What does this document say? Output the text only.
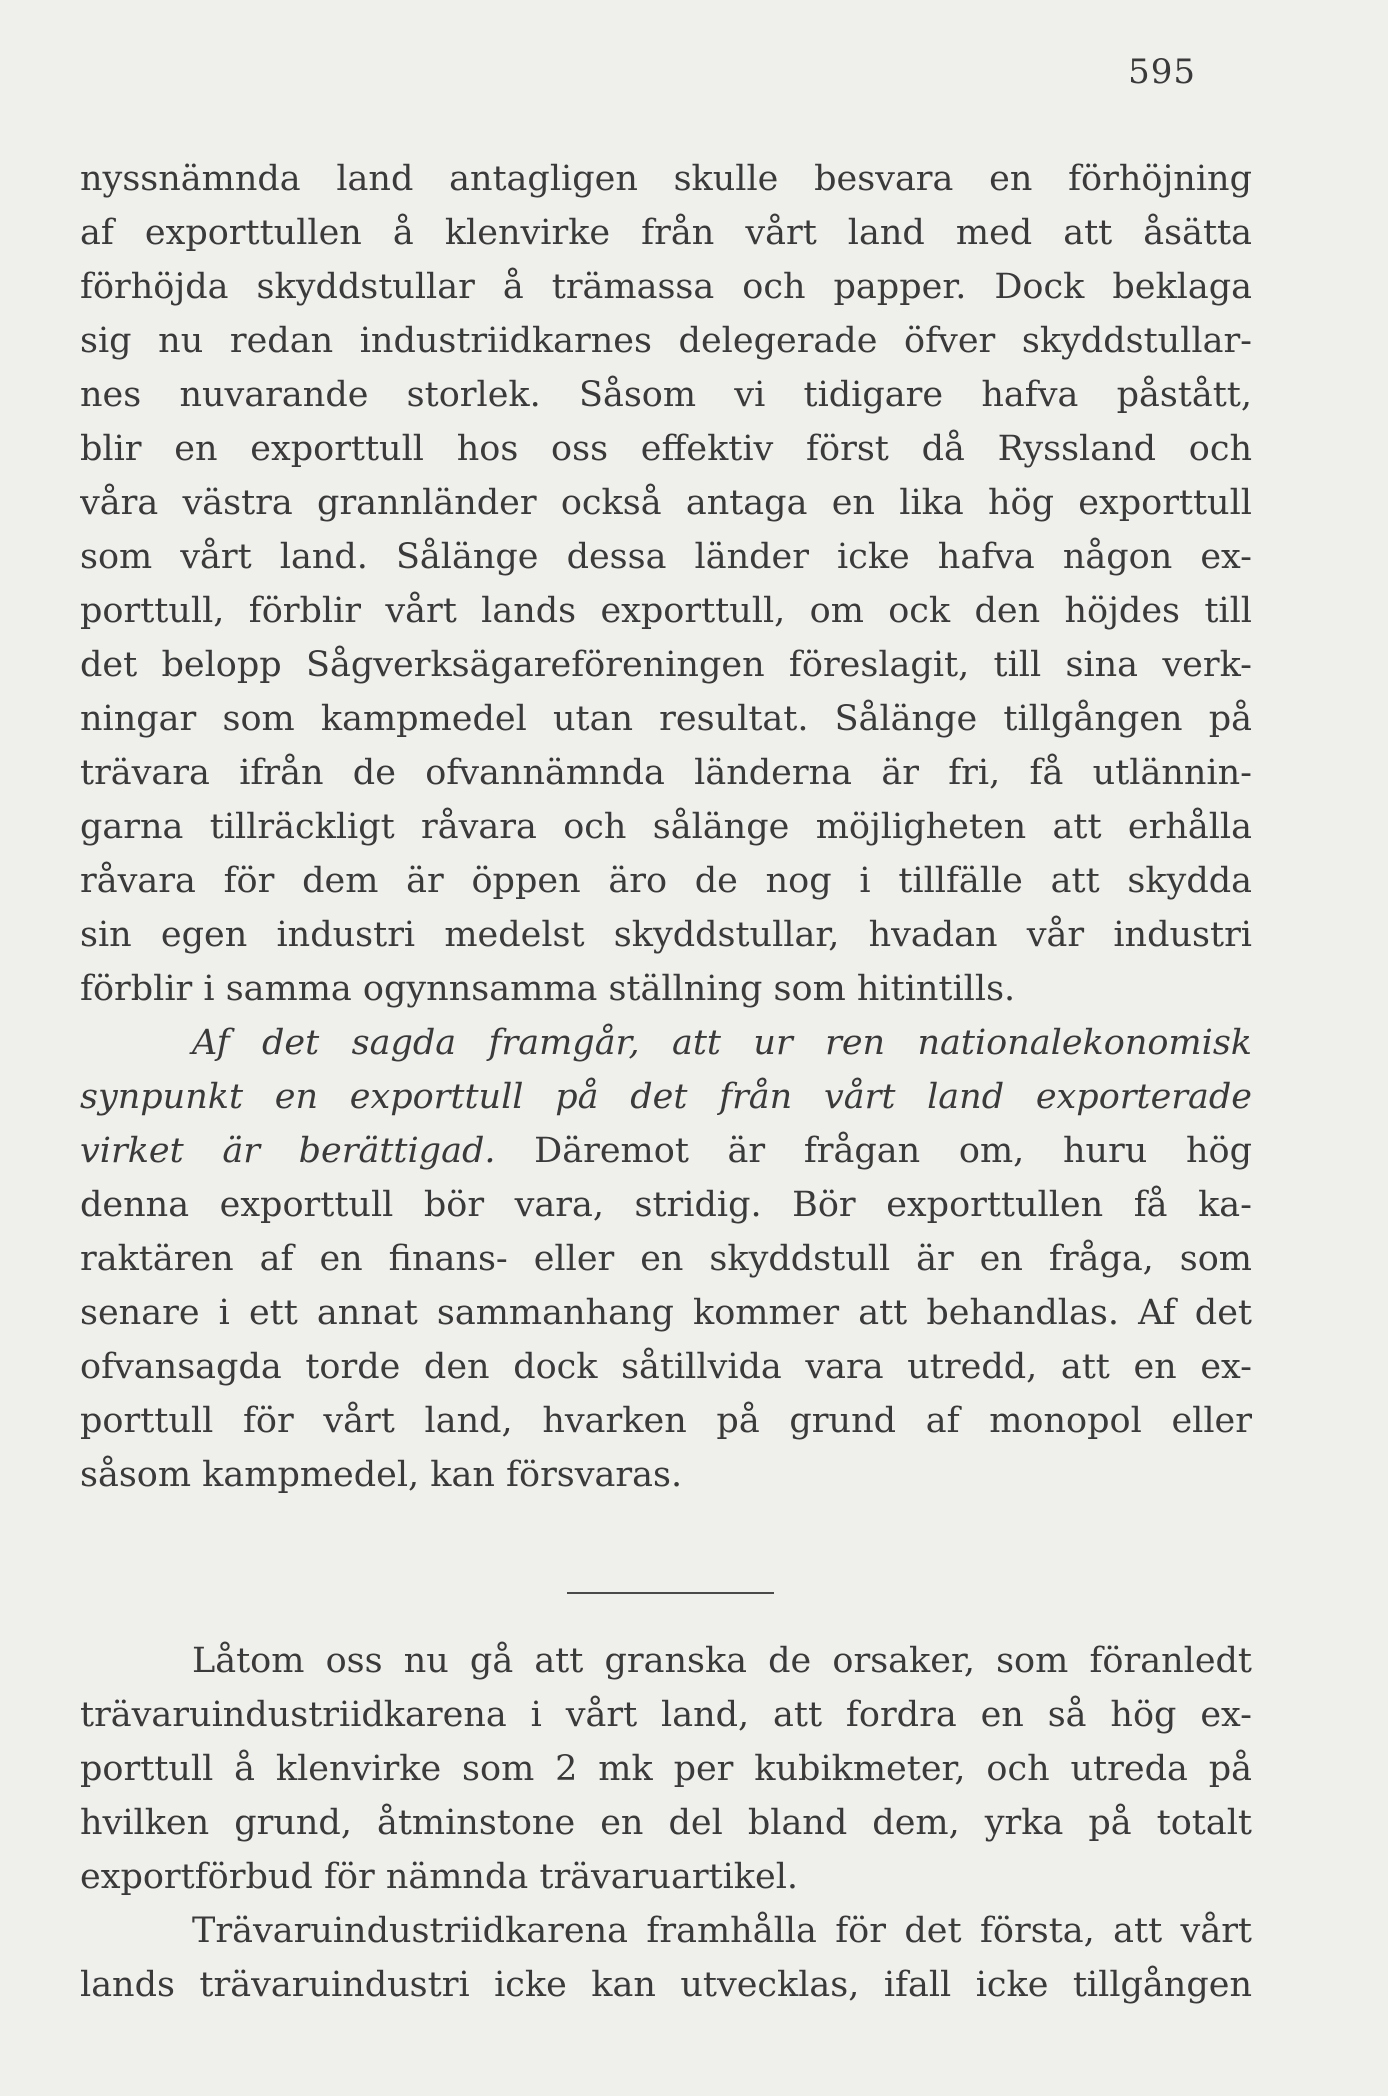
595
nyssnämnda land antagligen skulle besvara en förhöjning
af exporttullen å klenvirke från vårt land med att åsätta
förhöjda skyddstullar å trämassa och papper. Dock beklaga
sig nu redan industriidkarnes delegerade öfver skyddstullar-
nes nuvarande storlek. Såsom vi tidigare hafva påstått,
blir en exporttull hos oss effektiv först då Ryssland och
våra västra grannländer också antaga en lika hög exporttull
som vårt land. Sålänge dessa länder icke hafva någon ex-
porttull, förblir vårt lands exporttull, om ock den höjdes till
det belopp Sågverksägareföreningen föreslagit, till sina verk-
ningar som kampmedel utan resultat. Sålänge tillgången på
trävara ifrån de ofvannämnda länderna är fri, få utlännin-
garna tillräckligt råvara och sålänge möjligheten att erhålla
råvara för dem är öppen äro de nog i tillfälle att skydda
sin egen industri medelst skyddstullar, hvadan vår industri
förblir i samma ogynnsamma ställning som hitintills.
Af det sagda framgår, att ur ren nationalekonomisk
synpunkt en exporttull på det från vårt land exporterade
virket är berättigad. Däremot är frågan om, huru hög
denna exporttull bör vara, stridig. Bör exporttullen få ka-
raktären af en finans- eller en skyddstull är en fråga, som
senare i ett annat sammanhang kommer att behandlas. Af det
ofvansagda torde den dock såtillvida vara utredd, att en ex-
porttull för vårt land, hvarken på grund af monopol eller
såsom kampmedel, kan försvaras.
Låtom oss nu gå att granska de orsaker, som föranledt
trävaruindustriidkarena i vårt land, att fordra en så hög ex-
porttull å klenvirke som 2 mk per kubikmeter, och utreda på
hvilken grund, åtminstone en del bland dem, yrka på totalt
exportförbud för nämnda trävaruartikel.
Trävaruindustriidkarena framhålla för det första, att vårt
lands trävaruindustri icke kan utvecklas, ifall icke tillgången
